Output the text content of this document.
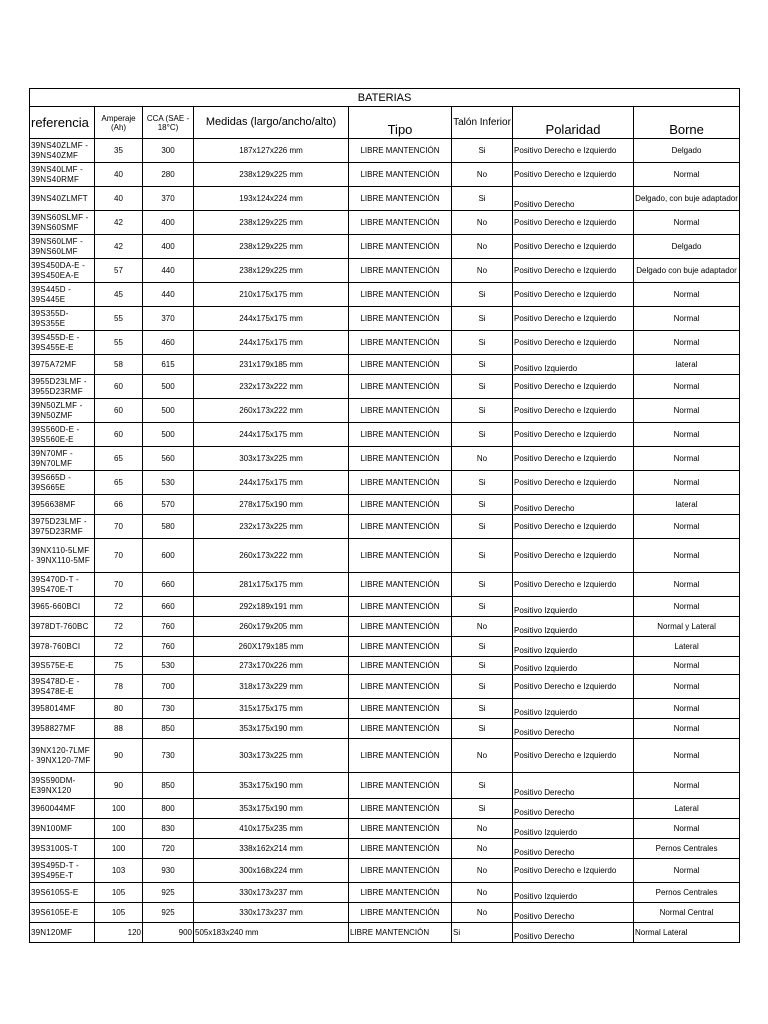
BATERIAS							
referencia	Amperaje (Ah)	CCA (SAE - 18°C)	Medidas (largo/ancho/alto)	Tipo	Talón Inferior	Polaridad	Borne
39NS40ZLMF - 39NS40ZMF	35	300	187x127x226 mm	LIBRE MANTENCIÓN	Si	Positivo Derecho e Izquierdo	Delgado
39NS40LMF - 39NS40RMF	40	280	238x129x225 mm	LIBRE MANTENCIÓN	No	Positivo Derecho e Izquierdo	Normal
39NS40ZLMFT	40	370	193x124x224 mm	LIBRE MANTENCIÓN	Si	Positivo Derecho	Delgado, con buje adaptador
39NS60SLMF - 39NS60SMF	42	400	238x129x225 mm	LIBRE MANTENCIÓN	No	Positivo Derecho e Izquierdo	Normal
39NS60LMF - 39NS60LMF	42	400	238x129x225 mm	LIBRE MANTENCIÓN	No	Positivo Derecho e Izquierdo	Delgado
39S450DA-E - 39S450EA-E	57	440	238x129x225 mm	LIBRE MANTENCIÓN	No	Positivo Derecho e Izquierdo	Delgado con buje adaptador
39S445D - 39S445E	45	440	210x175x175 mm	LIBRE MANTENCIÓN	Si	Positivo Derecho e Izquierdo	Normal
39S355D- 39S355E	55	370	244x175x175 mm	LIBRE MANTENCIÓN	Si	Positivo Derecho e Izquierdo	Normal
39S455D-E - 39S455E-E	55	460	244x175x175 mm	LIBRE MANTENCIÓN	Si	Positivo Derecho e Izquierdo	Normal
3975A72MF	58	615	231x179x185 mm	LIBRE MANTENCIÓN	Si	Positivo Izquierdo	lateral
3955D23LMF - 3955D23RMF	60	500	232x173x222 mm	LIBRE MANTENCIÓN	Si	Positivo Derecho e Izquierdo	Normal
39N50ZLMF - 39N50ZMF	60	500	260x173x222 mm	LIBRE MANTENCIÓN	Si	Positivo Derecho e Izquierdo	Normal
39S560D-E - 39S560E-E	60	500	244x175x175 mm	LIBRE MANTENCIÓN	Si	Positivo Derecho e Izquierdo	Normal
39N70MF - 39N70LMF	65	560	303x173x225 mm	LIBRE MANTENCIÓN	No	Positivo Derecho e Izquierdo	Normal
39S665D - 39S665E	65	530	244x175x175 mm	LIBRE MANTENCIÓN	Si	Positivo Derecho e Izquierdo	Normal
3956638MF	66	570	278x175x190 mm	LIBRE MANTENCIÓN	Si	Positivo Derecho	lateral
3975D23LMF - 3975D23RMF	70	580	232x173x225 mm	LIBRE MANTENCIÓN	Si	Positivo Derecho e Izquierdo	Normal
39NX110-5LMF - 39NX110-5MF	70	600	260x173x222 mm	LIBRE MANTENCIÓN	Si	Positivo Derecho e Izquierdo	Normal
39S470D-T - 39S470E-T	70	660	281x175x175 mm	LIBRE MANTENCIÓN	Si	Positivo Derecho e Izquierdo	Normal
3965-660BCI	72	660	292x189x191 mm	LIBRE MANTENCIÓN	Si	Positivo Izquierdo	Normal
3978DT-760BC	72	760	260x179x205 mm	LIBRE MANTENCIÓN	No	Positivo Izquierdo	Normal y Lateral
3978-760BCI	72	760	260X179x185 mm	LIBRE MANTENCIÓN	Si	Positivo Izquierdo	Lateral
39S575E-E	75	530	273x170x226 mm	LIBRE MANTENCIÓN	Si	Positivo Izquierdo	Normal
39S478D-E - 39S478E-E	78	700	318x173x229 mm	LIBRE MANTENCIÓN	Si	Positivo Derecho e Izquierdo	Normal
3958014MF	80	730	315x175x175 mm	LIBRE MANTENCIÓN	Si	Positivo Izquierdo	Normal
3958827MF	88	850	353x175x190 mm	LIBRE MANTENCIÓN	Si	Positivo Derecho	Normal
39NX120-7LMF - 39NX120-7MF	90	730	303x173x225 mm	LIBRE MANTENCIÓN	No	Positivo Derecho e Izquierdo	Normal
39S590DM-E39NX120	90	850	353x175x190 mm	LIBRE MANTENCIÓN	Si	Positivo Derecho	Normal
3960044MF	100	800	353x175x190 mm	LIBRE MANTENCIÓN	Si	Positivo Derecho	Lateral
39N100MF	100	830	410x175x235 mm	LIBRE MANTENCIÓN	No	Positivo Izquierdo	Normal
39S3100S-T	100	720	338x162x214 mm	LIBRE MANTENCIÓN	No	Positivo Derecho	Pernos Centrales
39S495D-T - 39S495E-T	103	930	300x168x224 mm	LIBRE MANTENCIÓN	No	Positivo Derecho e Izquierdo	Normal
39S6105S-E	105	925	330x173x237 mm	LIBRE MANTENCIÓN	No	Positivo Izquierdo	Pernos Centrales
39S6105E-E	105	925	330x173x237 mm	LIBRE MANTENCIÓN	No	Positivo Derecho	Normal Central
39N120MF	120	900	505x183x240 mm	LIBRE MANTENCIÓN	Si	Positivo Derecho	Normal Lateral
